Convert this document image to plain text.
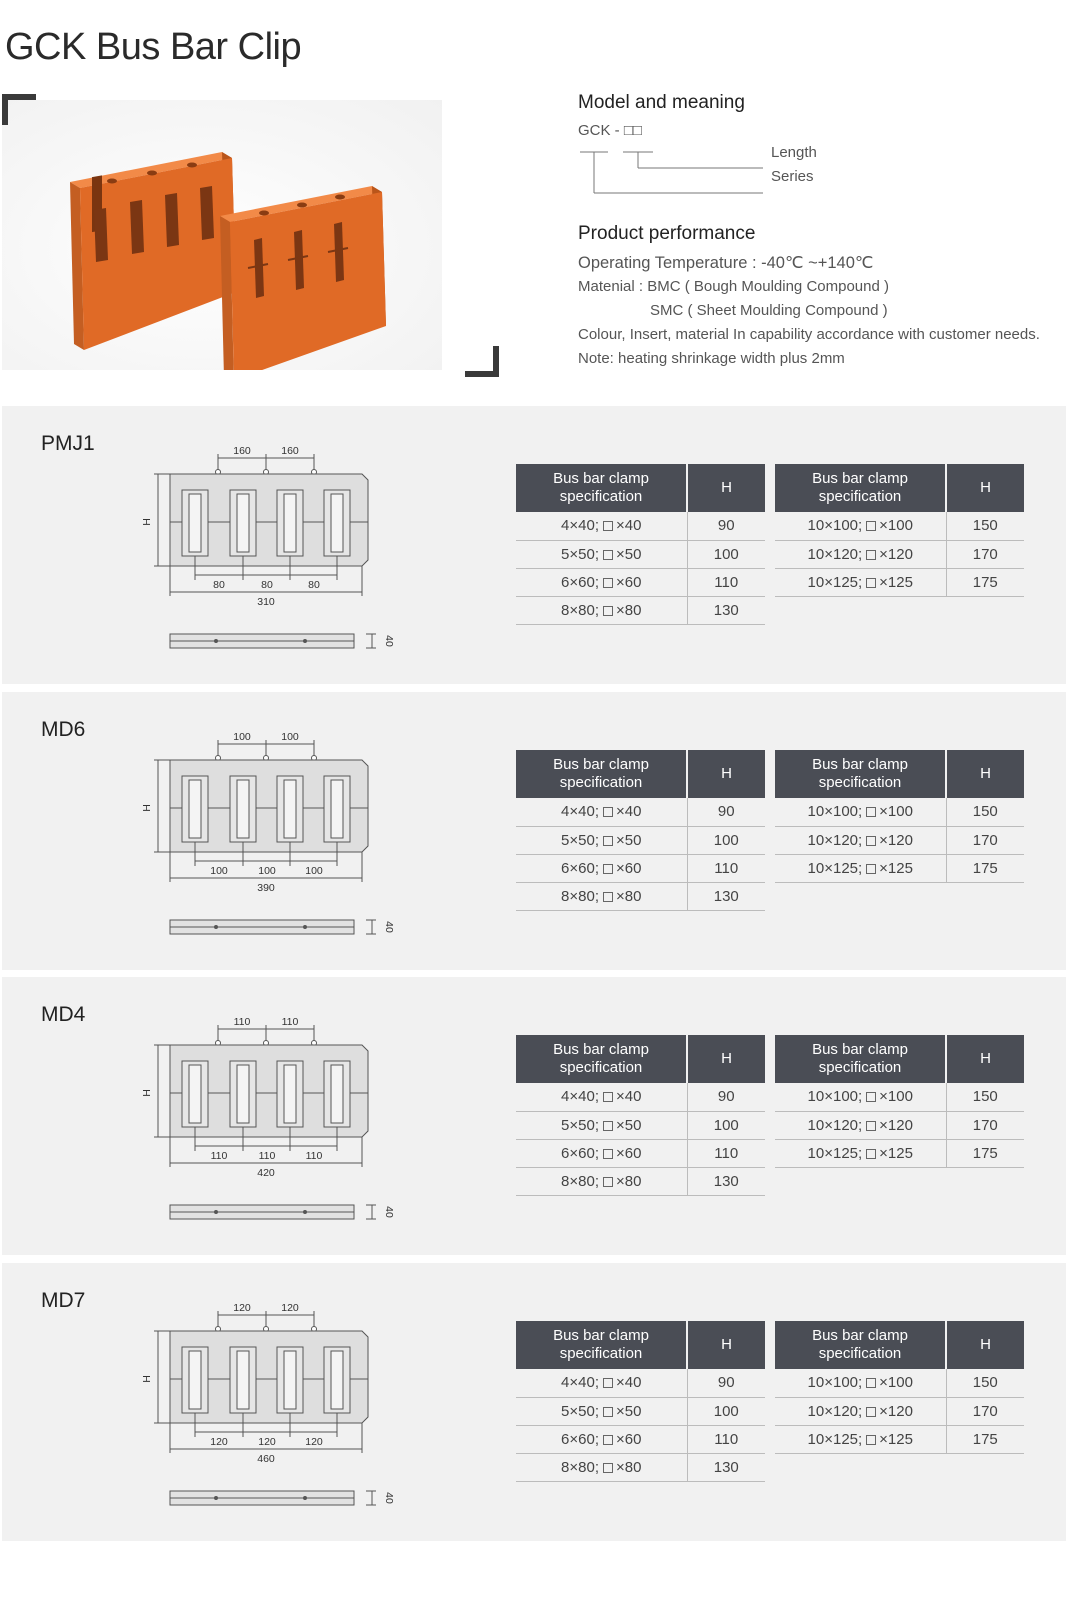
GCK Bus Bar Clip
Model and meaning
GCK - □□
Length
Series
Product performance
Operating Temperature : -40℃ ~+140℃
Matenial : BMC ( Bough Moulding Compound )
SMC ( Sheet Moulding Compound )
Colour, Insert, material In capability accordance with customer needs.
Note: heating shrinkage width plus 2mm
PMJ1	160	160
80	80	80
310
H
40
Bus bar clamp
specification	H
4×40; ×40	90
5×50; ×50	100
6×60; ×60	110
8×80; ×80	130
Bus bar clamp
specification	H
10×100; ×100	150
10×120; ×120	170
10×125; ×125	175
MD6	100	100
100	100	100
390
H
40
Bus bar clamp
specification	H
4×40; ×40	90
5×50; ×50	100
6×60; ×60	110
8×80; ×80	130
Bus bar clamp
specification	H
10×100; ×100	150
10×120; ×120	170
10×125; ×125	175
MD4	110	110
110	110	110
420
H
40
Bus bar clamp
specification	H
4×40; ×40	90
5×50; ×50	100
6×60; ×60	110
8×80; ×80	130
Bus bar clamp
specification	H
10×100; ×100	150
10×120; ×120	170
10×125; ×125	175
MD7	120	120
120	120	120
460
H
40
Bus bar clamp
specification	H
4×40; ×40	90
5×50; ×50	100
6×60; ×60	110
8×80; ×80	130
Bus bar clamp
specification	H
10×100; ×100	150
10×120; ×120	170
10×125; ×125	175
